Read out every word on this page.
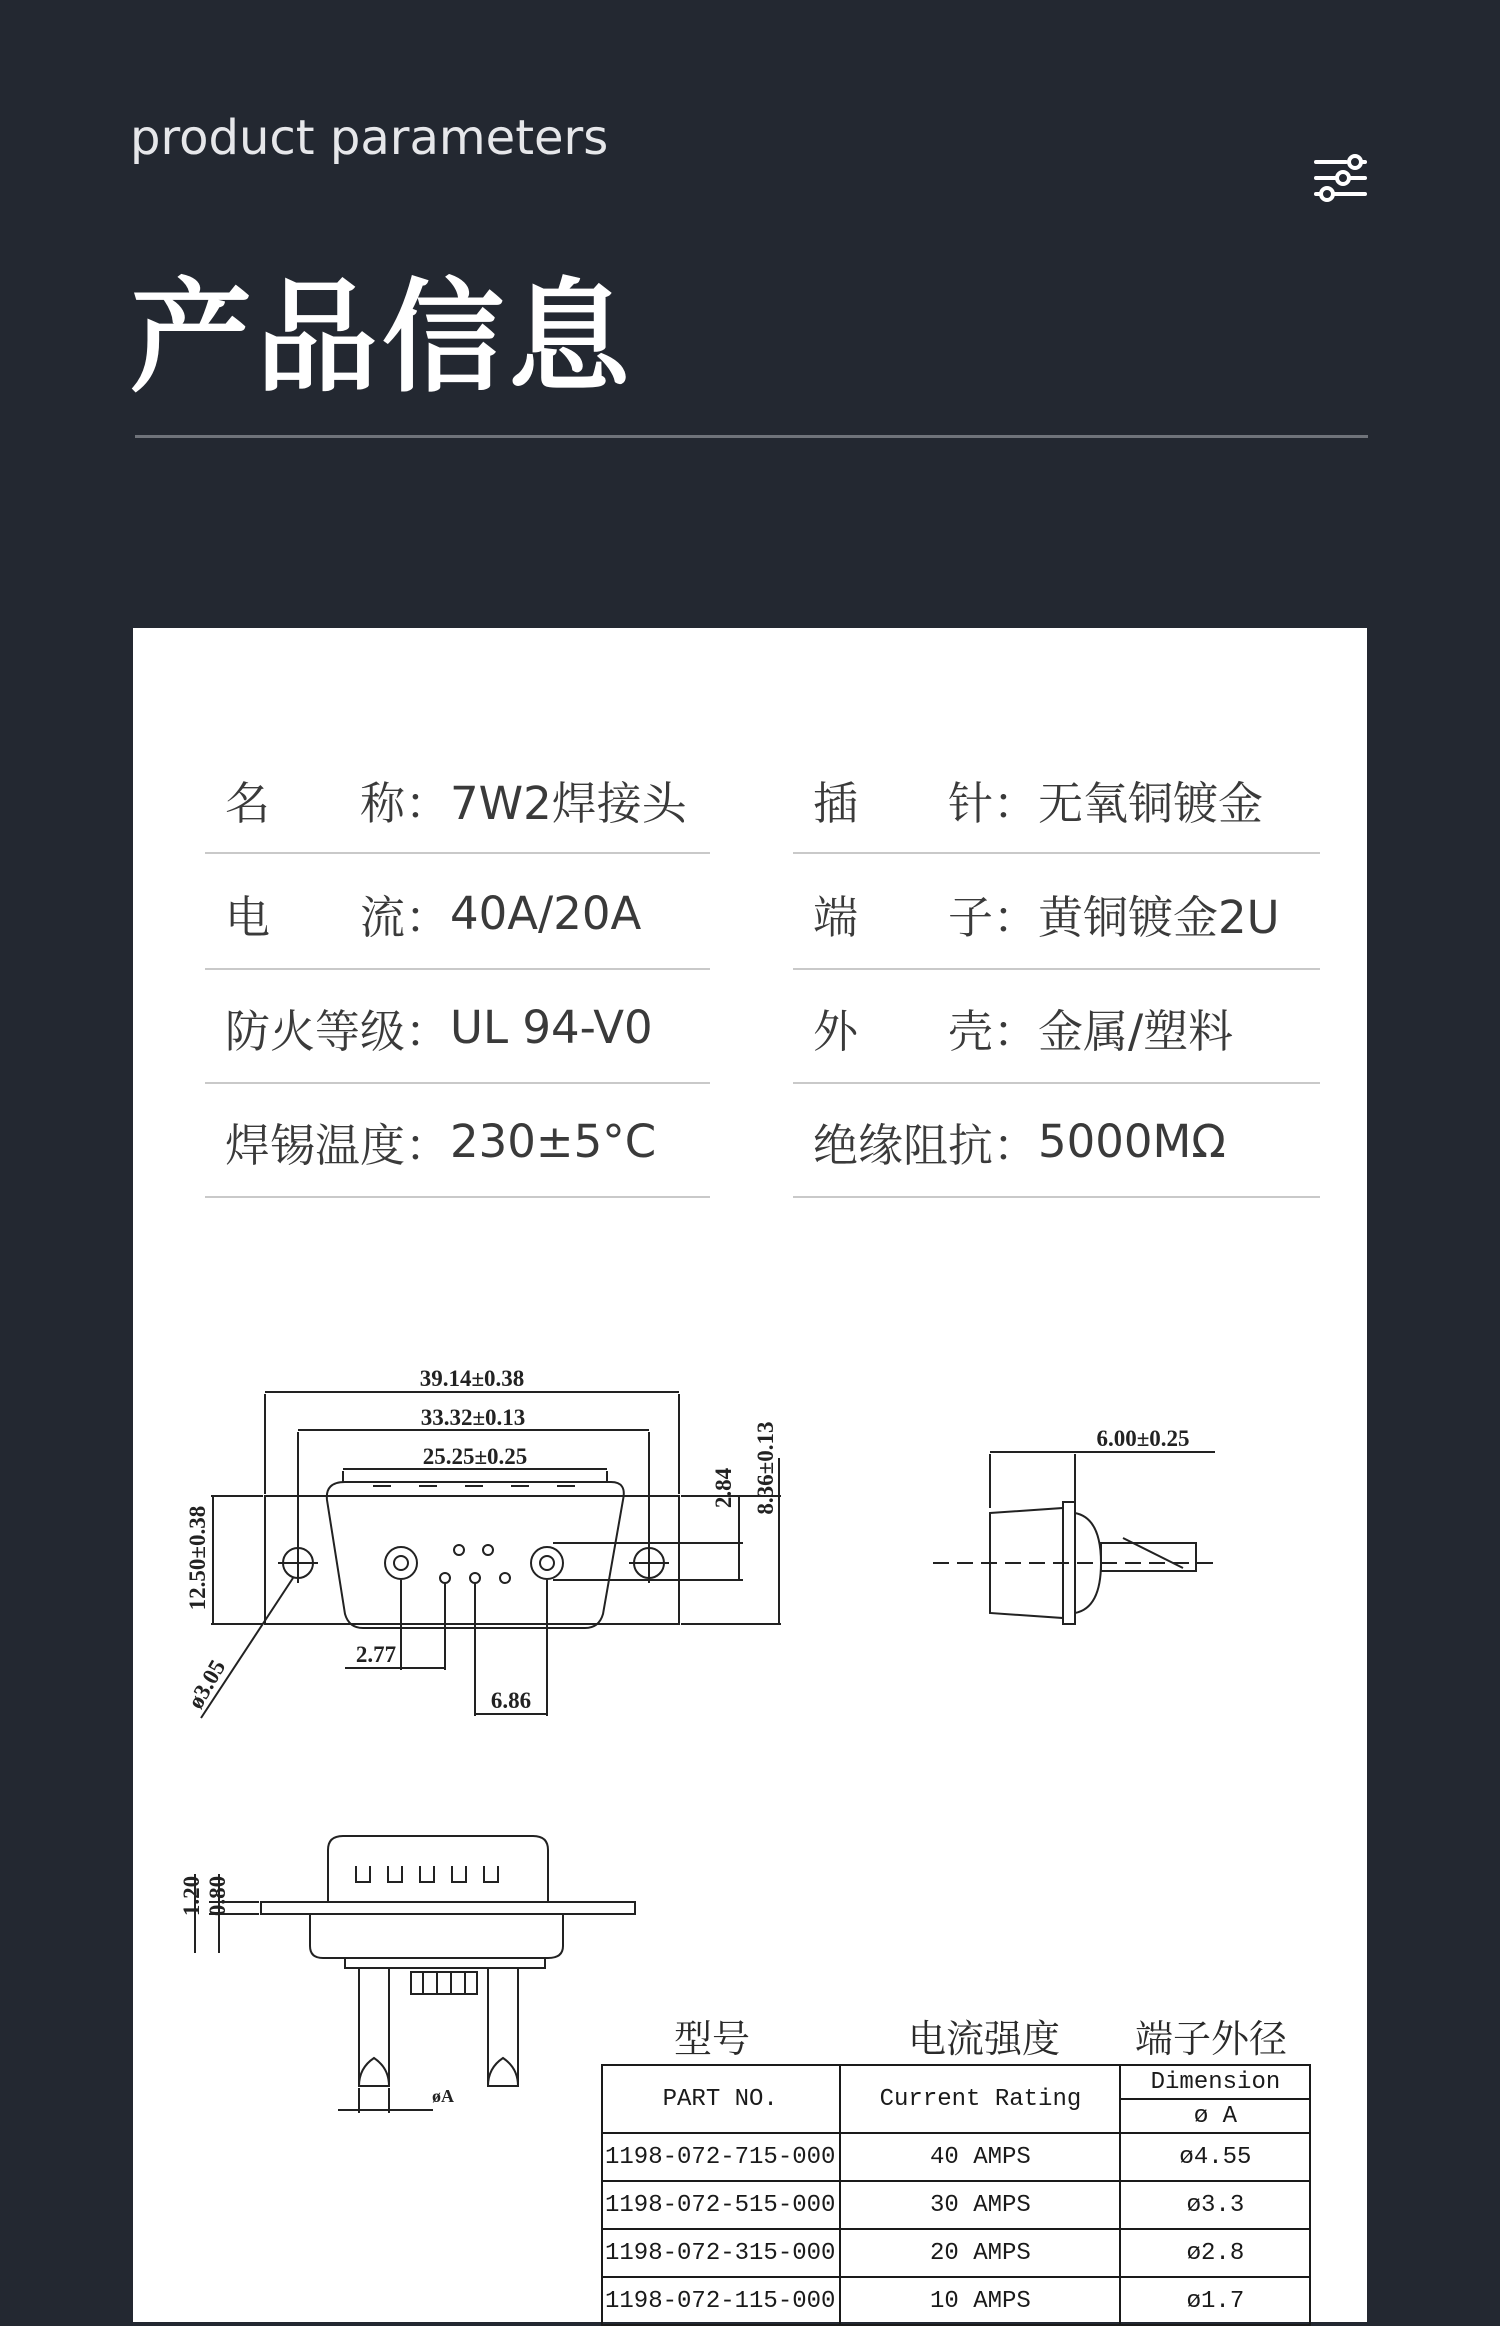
product parameters
产品信息
39.14±0.38
33.32±0.13
25.25±0.25
12.50±0.38
8.36±0.13
2.84
ø3.05
2.77
6.86
6.00±0.25
1.20 0.80
øA
型号	电流强度 端子外径
PART NO.	Current Rating	Dimension
		ø A
1198-072-715-000	40 AMPS	ø4.55
1198-072-515-000	30 AMPS	ø3.3
1198-072-315-000	20 AMPS	ø2.8
1198-072-115-000	10 AMPS	ø1.7
名　　称： 7W2焊接头	插　　针： 无氧铜镀金
电　　流： 40A/20A	端　　子： 黄铜镀金2U
防火等级： UL 94-V0	外　　壳： 金属/塑料
焊锡温度： 230±5°C	绝缘阻抗： 5000MΩ
